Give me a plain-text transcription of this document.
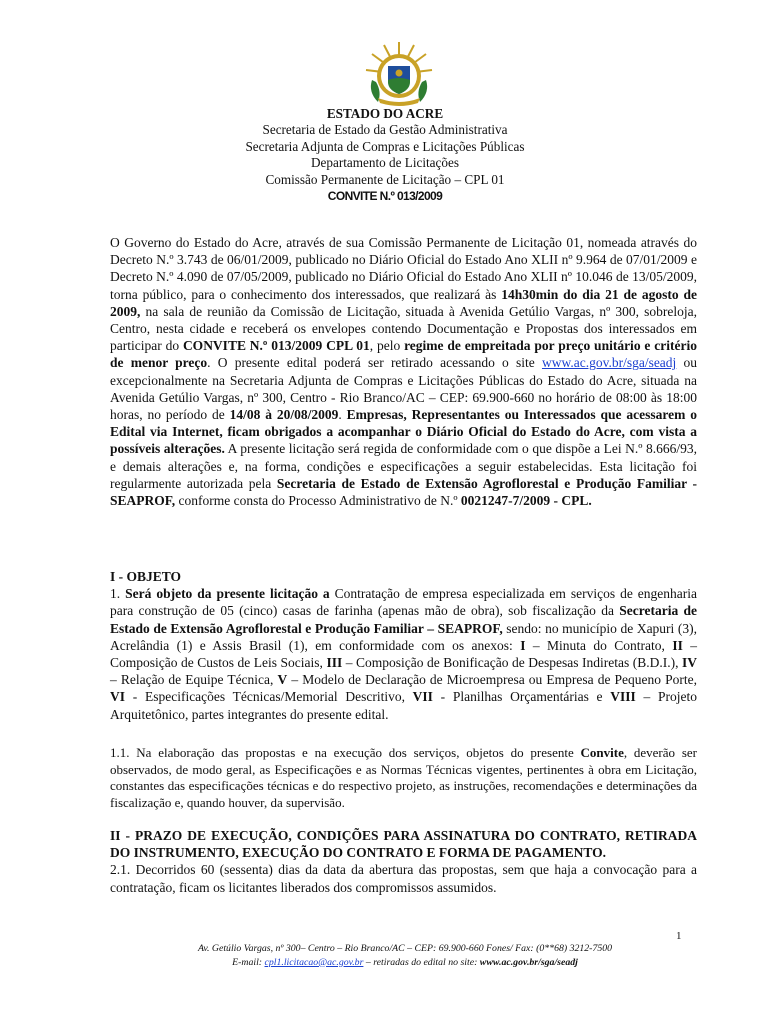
ESTADO DO ACRE
Secretaria de Estado da Gestão Administrativa
Secretaria Adjunta de Compras e Licitações Públicas
Departamento de Licitações
Comissão Permanente de Licitação – CPL 01
CONVITE N.º 013/2009
O Governo do Estado do Acre, através de sua Comissão Permanente de Licitação 01, nomeada através do Decreto N.º 3.743 de 06/01/2009, publicado no Diário Oficial do Estado Ano XLII nº 9.964 de 07/01/2009 e Decreto N.º 4.090 de 07/05/2009, publicado no Diário Oficial do Estado Ano XLII nº 10.046 de 13/05/2009, torna público, para o conhecimento dos interessados, que realizará às 14h30min do dia 21 de agosto de 2009, na sala de reunião da Comissão de Licitação, situada à Avenida Getúlio Vargas, nº 300, sobreloja, Centro, nesta cidade e receberá os envelopes contendo Documentação e Propostas dos interessados em participar do CONVITE N.º 013/2009 CPL 01, pelo regime de empreitada por preço unitário e critério de menor preço. O presente edital poderá ser retirado acessando o site www.ac.gov.br/sga/seadj ou excepcionalmente na Secretaria Adjunta de Compras e Licitações Públicas do Estado do Acre, situada na Avenida Getúlio Vargas, nº 300, Centro - Rio Branco/AC – CEP: 69.900-660 no horário de 08:00 às 18:00 horas, no período de 14/08 à 20/08/2009. Empresas, Representantes ou Interessados que acessarem o Edital via Internet, ficam obrigados a acompanhar o Diário Oficial do Estado do Acre, com vista a possíveis alterações. A presente licitação será regida de conformidade com o que dispõe a Lei N.º 8.666/93, e demais alterações e, na forma, condições e especificações a seguir estabelecidas. Esta licitação foi regularmente autorizada pela Secretaria de Estado de Extensão Agroflorestal e Produção Familiar - SEAPROF, conforme consta do Processo Administrativo de N.º 0021247-7/2009 - CPL.
I - OBJETO
1. Será objeto da presente licitação a Contratação de empresa especializada em serviços de engenharia para construção de 05 (cinco) casas de farinha (apenas mão de obra), sob fiscalização da Secretaria de Estado de Extensão Agroflorestal e Produção Familiar – SEAPROF, sendo: no município de Xapuri (3), Acrelândia (1) e Assis Brasil (1), em conformidade com os anexos: I – Minuta do Contrato, II – Composição de Custos de Leis Sociais, III – Composição de Bonificação de Despesas Indiretas (B.D.I.), IV – Relação de Equipe Técnica, V – Modelo de Declaração de Microempresa ou Empresa de Pequeno Porte, VI - Especificações Técnicas/Memorial Descritivo, VII - Planilhas Orçamentárias e VIII – Projeto Arquitetônico, partes integrantes do presente edital.
1.1. Na elaboração das propostas e na execução dos serviços, objetos do presente Convite, deverão ser observados, de modo geral, as Especificações e as Normas Técnicas vigentes, pertinentes à obra em Licitação, constantes das especificações técnicas e do respectivo projeto, as instruções, recomendações e determinações da fiscalização e, quando houver, da supervisão.
II - PRAZO DE EXECUÇÃO, CONDIÇÕES PARA ASSINATURA DO CONTRATO, RETIRADA DO INSTRUMENTO, EXECUÇÃO DO CONTRATO E FORMA DE PAGAMENTO.
2.1. Decorridos 60 (sessenta) dias da data da abertura das propostas, sem que haja a convocação para a contratação, ficam os licitantes liberados dos compromissos assumidos.
1
Av. Getúlio Vargas, nº 300– Centro – Rio Branco/AC – CEP: 69.900-660 Fones/ Fax: (0**68) 3212-7500
E-mail: cpl1.licitacao@ac.gov.br – retiradas do edital no site: www.ac.gov.br/sga/seadj
